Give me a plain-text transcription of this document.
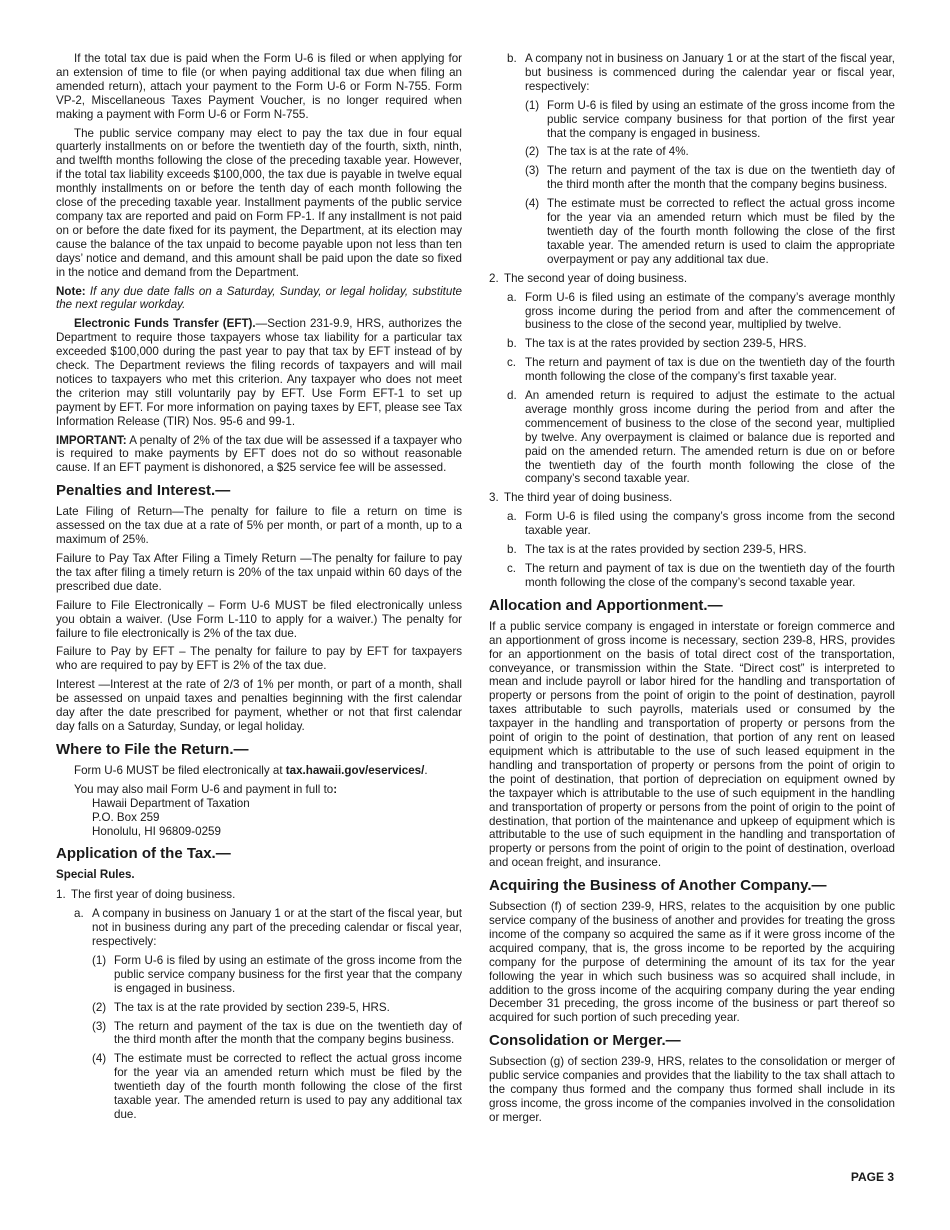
If the total tax due is paid when the Form U-6 is filed or when applying for an extension of time to file (or when paying additional tax due when filing an amended return), attach your payment to the Form U-6 or Form N-755. Form VP-2, Miscellaneous Taxes Payment Voucher, is no longer required when making a payment with Form U-6 or Form N-755.

The public service company may elect to pay the tax due in four equal quarterly installments on or before the twentieth day of the fourth, sixth, ninth, and twelfth months following the close of the preceding taxable year. However, if the total tax liability exceeds $100,000, the tax due is payable in twelve equal monthly installments on or before the tenth day of each month following the close of the preceding taxable year. Installment payments of the public service company tax are reported and paid on Form FP-1. If any installment is not paid on or before the date fixed for its payment, the Department, at its election may cause the balance of the tax unpaid to become payable upon not less than ten days’ notice and demand, and this amount shall be paid upon the date so fixed in the notice and demand from the Department.

Note: If any due date falls on a Saturday, Sunday, or legal holiday, substitute the next regular workday.

Electronic Funds Transfer (EFT).—Section 231-9.9, HRS, authorizes the Department to require those taxpayers whose tax liability for a particular tax exceeded $100,000 during the past year to pay that tax by EFT instead of by check. The Department reviews the filing records of taxpayers and will mail notices to taxpayers who met this criterion. Any taxpayer who does not meet the criterion may still voluntarily pay by EFT. Use Form EFT-1 to set up payment by EFT. For more information on paying taxes by EFT, please see Tax Information Release (TIR) Nos. 95-6 and 99-1.

IMPORTANT: A penalty of 2% of the tax due will be assessed if a taxpayer who is required to make payments by EFT does not do so without reasonable cause. If an EFT payment is dishonored, a $25 service fee will be assessed.

Penalties and Interest.—

Late Filing of Return—The penalty for failure to file a return on time is assessed on the tax due at a rate of 5% per month, or part of a month, up to a maximum of 25%.

Failure to Pay Tax After Filing a Timely Return —The penalty for failure to pay the tax after filing a timely return is 20% of the tax unpaid within 60 days of the prescribed due date.

Failure to File Electronically – Form U-6 MUST be filed electronically unless you obtain a waiver. (Use Form L-110 to apply for a waiver.) The penalty for failure to file electronically is 2% of the tax due.

Failure to Pay by EFT – The penalty for failure to pay by EFT for taxpayers who are required to pay by EFT is 2% of the tax due.

Interest —Interest at the rate of 2/3 of 1% per month, or part of a month, shall be assessed on unpaid taxes and penalties beginning with the first calendar day after the date prescribed for payment, whether or not that first calendar day falls on a Saturday, Sunday, or legal holiday.

Where to File the Return.—
Form U-6 MUST be filed electronically at tax.hawaii.gov/eservices/.
You may also mail Form U-6 and payment in full to:
Hawaii Department of Taxation
P.O. Box 259
Honolulu, HI 96809-0259
Application of the Tax.—
Special Rules.
1. The first year of doing business.
a. A company in business on January 1 or at the start of the fiscal year, but not in business during any part of the preceding calendar or fiscal year, respectively:
(1) Form U-6 is filed by using an estimate of the gross income from the public service company business for the first year that the company is engaged in business.
(2) The tax is at the rate provided by section 239-5, HRS.
(3) The return and payment of the tax is due on the twentieth day of the third month after the month that the company begins business.
(4) The estimate must be corrected to reflect the actual gross income for the year via an amended return which must be filed by the twentieth day of the fourth month following the close of the first taxable year. The amended return is used to pay any additional tax due.
b. A company not in business on January 1 or at the start of the fiscal year, but business is commenced during the calendar year or fiscal year, respectively:
(1) Form U-6 is filed by using an estimate of the gross income from the public service company business for that portion of the first year that the company is engaged in business.
(2) The tax is at the rate of 4%.
(3) The return and payment of the tax is due on the twentieth day of the third month after the month that the company begins business.
(4) The estimate must be corrected to reflect the actual gross income for the year via an amended return which must be filed by the twentieth day of the fourth month following the close of the first taxable year. The amended return is used to claim the appropriate overpayment or pay any additional tax due.
2. The second year of doing business.
a. Form U-6 is filed using an estimate of the company’s average monthly gross income during the period from and after the commencement of business to the close of the second year, multiplied by twelve.
b. The tax is at the rates provided by section 239-5, HRS.
c. The return and payment of tax is due on the twentieth day of the fourth month following the close of the company’s first taxable year.
d. An amended return is required to adjust the estimate to the actual average monthly gross income during the period from and after the commencement of business to the close of the second year, multiplied by twelve. Any overpayment is claimed or balance due is reported and paid on the amended return. The amended return is due on or before the twentieth day of the fourth month following the close of the company’s second taxable year.
3. The third year of doing business.
a. Form U-6 is filed using the company’s gross income from the second taxable year.
b. The tax is at the rates provided by section 239-5, HRS.
c. The return and payment of tax is due on the twentieth day of the fourth month following the close of the company’s second taxable year.
Allocation and Apportionment.—

If a public service company is engaged in interstate or foreign commerce and an apportionment of gross income is necessary, section 239-8, HRS, provides for an apportionment on the basis of total direct cost of the transportation, conveyance, or transmission within the State. “Direct cost” is interpreted to mean and include payroll or labor hired for the handling and transportation of property or persons from the point of origin to the point of destination, payroll taxes attributable to such payrolls, materials used or consumed by the taxpayer in the handling and transportation of property or persons from the point of origin to the point of destination, that portion of any rent on leased equipment which is attributable to the use of such leased equipment in the handling and transportation of property or persons from the point of origin to the point of destination, that portion of depreciation on equipment owned by the taxpayer which is attributable to the use of such equipment in the handling and transportation of property or persons from the point of origin to the point of destination, that portion of the maintenance and upkeep of equipment which is attributable to the use of such equipment in the handling and transportation of property or persons from the point of origin to the point of destination, overload and ocean freight, and insurance.

Acquiring the Business of Another Company.—

Subsection (f) of section 239-9, HRS, relates to the acquisition by one public service company of the business of another and provides for treating the gross income of the company so acquired the same as if it were gross income of the acquired company, that is, the gross income to be reported by the acquiring company for the purpose of determining the amount of its tax for the year following the year in which such business was so acquired shall include, in addition to the gross income of the acquiring company during the year ending December 31 preceding, the gross income of the business or part thereof so acquired for such portion of such preceding year.

Consolidation or Merger.—

Subsection (g) of section 239-9, HRS, relates to the consolidation or merger of public service companies and provides that the liability to the tax shall attach to the company thus formed and the company thus formed shall include in its gross income, the gross income of the companies involved in the consolidation or merger.

PAGE 3
